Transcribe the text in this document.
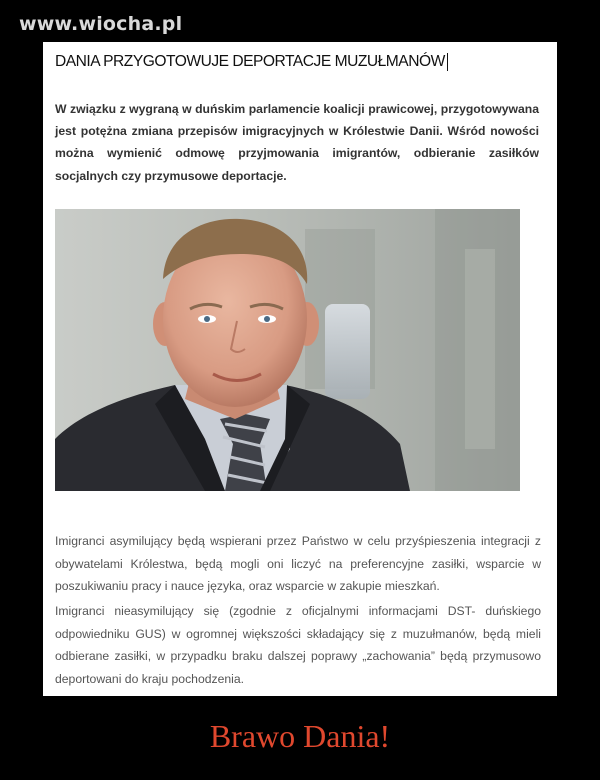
www.wiocha.pl
DANIA PRZYGOTOWUJE DEPORTACJE MUZUŁMANÓW
W związku z wygraną w duńskim parlamencie koalicji prawicowej, przygotowywana jest potężna zmiana przepisów imigracyjnych w Królestwie Danii. Wśród nowości można wymienić odmowę przyjmowania imigrantów, odbieranie zasiłków socjalnych czy przymusowe deportacje.
Imigranci asymilujący będą wspierani przez Państwo w celu przyśpieszenia integracji z obywatelami Królestwa, będą mogli oni liczyć na preferencyjne zasiłki, wsparcie w poszukiwaniu pracy i nauce języka, oraz wsparcie w zakupie mieszkań.
Imigranci nieasymilujący się (zgodnie z oficjalnymi informacjami DST- duńskiego odpowiedniku GUS) w ogromnej większości składający się z muzułmanów, będą mieli odbierane zasiłki, w przypadku braku dalszej poprawy „zachowania” będą przymusowo deportowani do kraju pochodzenia.
Brawo Dania!
